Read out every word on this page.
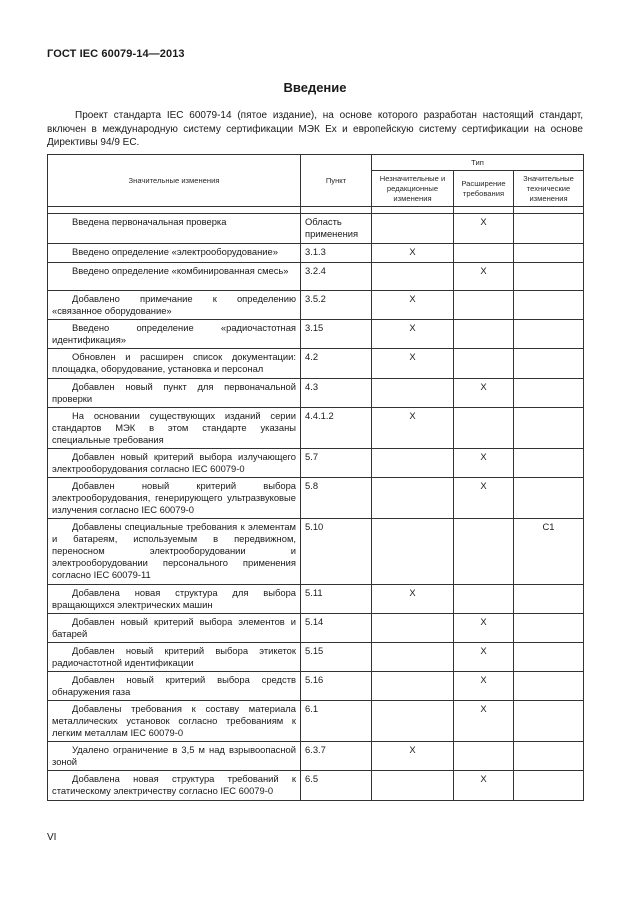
ГОСТ IEC 60079-14—2013
Введение

Проект стандарта IEC 60079-14 (пятое издание), на основе которого разработан настоящий стандарт, включен в международную систему сертификации МЭК Ex и европейскую систему сертификации на основе Директивы 94/9 ЕС.

Значительные изменения	Пункт	Тип		
		Незначительные и редакционные изменения	Расширение требования	Значительные технические изменения

Введена первоначальная проверка	Область применения		X	

Введено определение «электрооборудование»	3.1.3	X		

Введено определение «комбинированная смесь»	3.2.4		X	

Добавлено примечание к определению «связанное оборудование»	3.5.2	X		

Введено определение «радиочастотная идентификация»	3.15	X		

Обновлен и расширен список документации: площадка, оборудование, установка и персонал	4.2	X		

Добавлен новый пункт для первоначальной проверки	4.3		X	

На основании существующих изданий серии стандартов МЭК в этом стандарте указаны специальные требования	4.4.1.2	X		

Добавлен новый критерий выбора излучающего электрооборудования согласно IEC 60079-0	5.7		X	

Добавлен новый критерий выбора электрооборудования, генерирующего ультразвуковые излучения согласно IEC 60079-0	5.8		X	

Добавлены специальные требования к элементам и батареям, используемым в передвижном, переносном электрооборудовании и электрооборудовании персонального применения согласно IEC 60079-11	5.10			C1

Добавлена новая структура для выбора вращающихся электрических машин	5.11	X		

Добавлен новый критерий выбора элементов и батарей	5.14		X	

Добавлен новый критерий выбора этикеток радиочастотной идентификации	5.15		X	

Добавлен новый критерий выбора средств обнаружения газа	5.16		X	

Добавлены требования к составу материала металлических установок согласно требованиям к легким металлам IEC 60079-0	6.1		X	

Удалено ограничение в 3,5 м над взрывоопасной зоной	6.3.7	X		

Добавлена новая структура требований к статическому электричеству согласно IEC 60079-0	6.5		X	
VI
